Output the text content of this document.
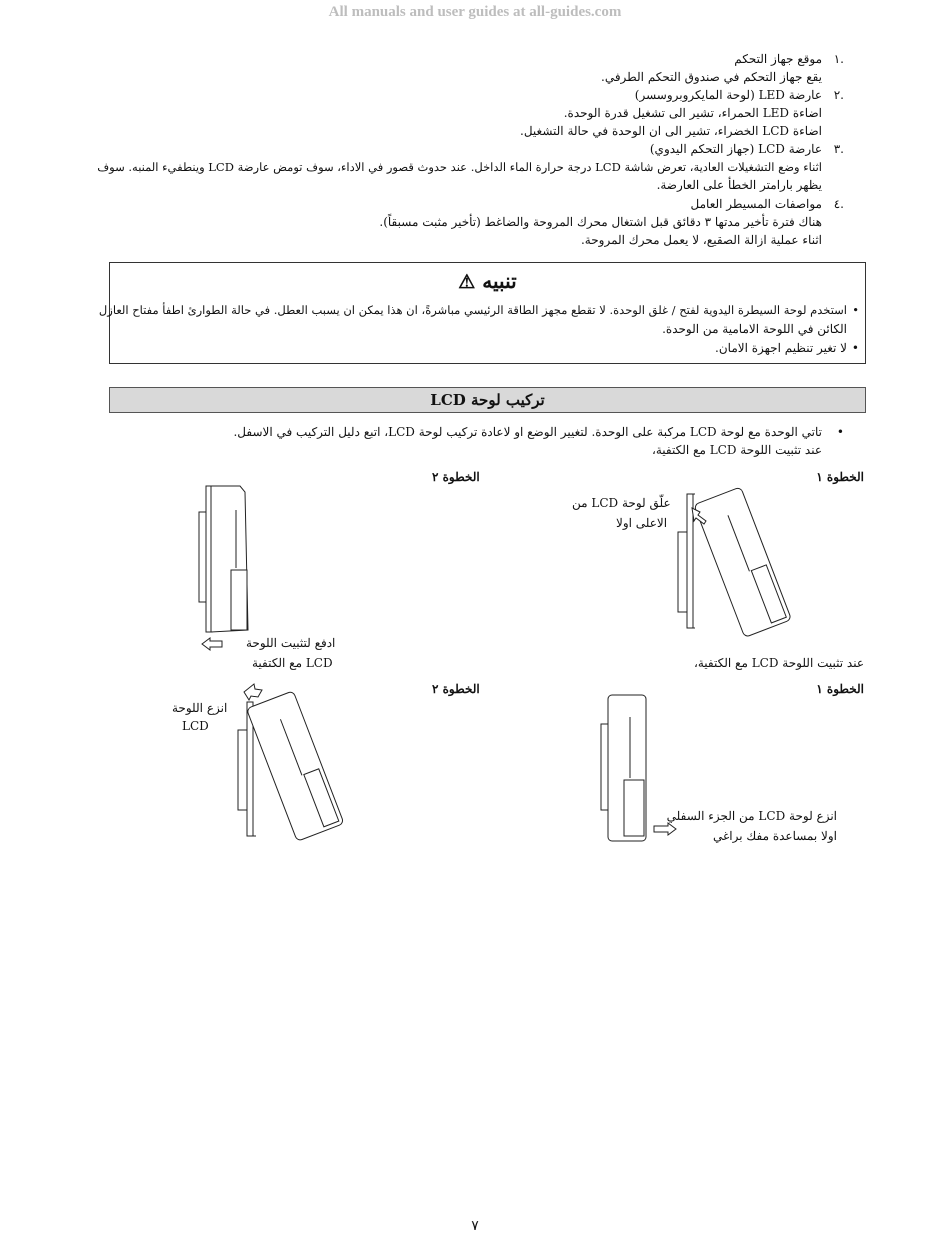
All manuals and user guides at all-guides.com
.١موقع جهاز التحكم
يقع جهاز التحكم في صندوق التحكم الطرفي.
.٢عارضة LED (لوحة المايكروبروسسر)
اضاءة LED الحمراء، تشير الى تشغيل قدرة الوحدة.
اضاءة LCD الخضراء، تشير الى ان الوحدة في حالة التشغيل.
.٣عارضة LCD (جهاز التحكم اليدوي)
اثناء وضع التشغيلات العادية، تعرض شاشة LCD درجة حرارة الماء الداخل. عند حدوث قصور في الاداء، سوف تومض عارضة LCD وينطفيء المنبه. سوف
يظهر بارامتر الخطأ على العارضة.
.٤مواصفات المسيطر العامل
هناك فترة تأخير مدتها ٣ دقائق قبل اشتغال محرك المروحة والضاغط (تأخير مثبت مسبقاً).
اثناء عملية ازالة الصقيع، لا يعمل محرك المروحة.
تنبيه ⚠
•
استخدم لوحة السيطرة اليدوية لفتح / غلق الوحدة. لا تقطع مجهز الطاقة الرئيسي مباشرةً، ان هذا يمكن ان يسبب العطل. في حالة الطوارئ اطفأ مفتاح العازل
الكائن في اللوحة الامامية من الوحدة.
•
لا تغير تنظيم اجهزة الامان.
تركيب لوحة LCD
•تاتي الوحدة مع لوحة LCD مركبة على الوحدة. لتغيير الوضع او لاعادة تركيب لوحة LCD، اتبع دليل التركيب في الاسفل.
عند تثبيت اللوحة LCD مع الكتفية،
الخطوة ١
الخطوة ٢
علّق لوحة LCD من
الاعلى اولا
ادفع لتثبيت اللوحة
LCD مع الكتفية	عند تثبيت اللوحة LCD مع الكتفية،
الخطوة ١
الخطوة ٢
انزع لوحة LCD من الجزء السفلي
اولا بمساعدة مفك براغي
انزع اللوحة
LCD
٧
